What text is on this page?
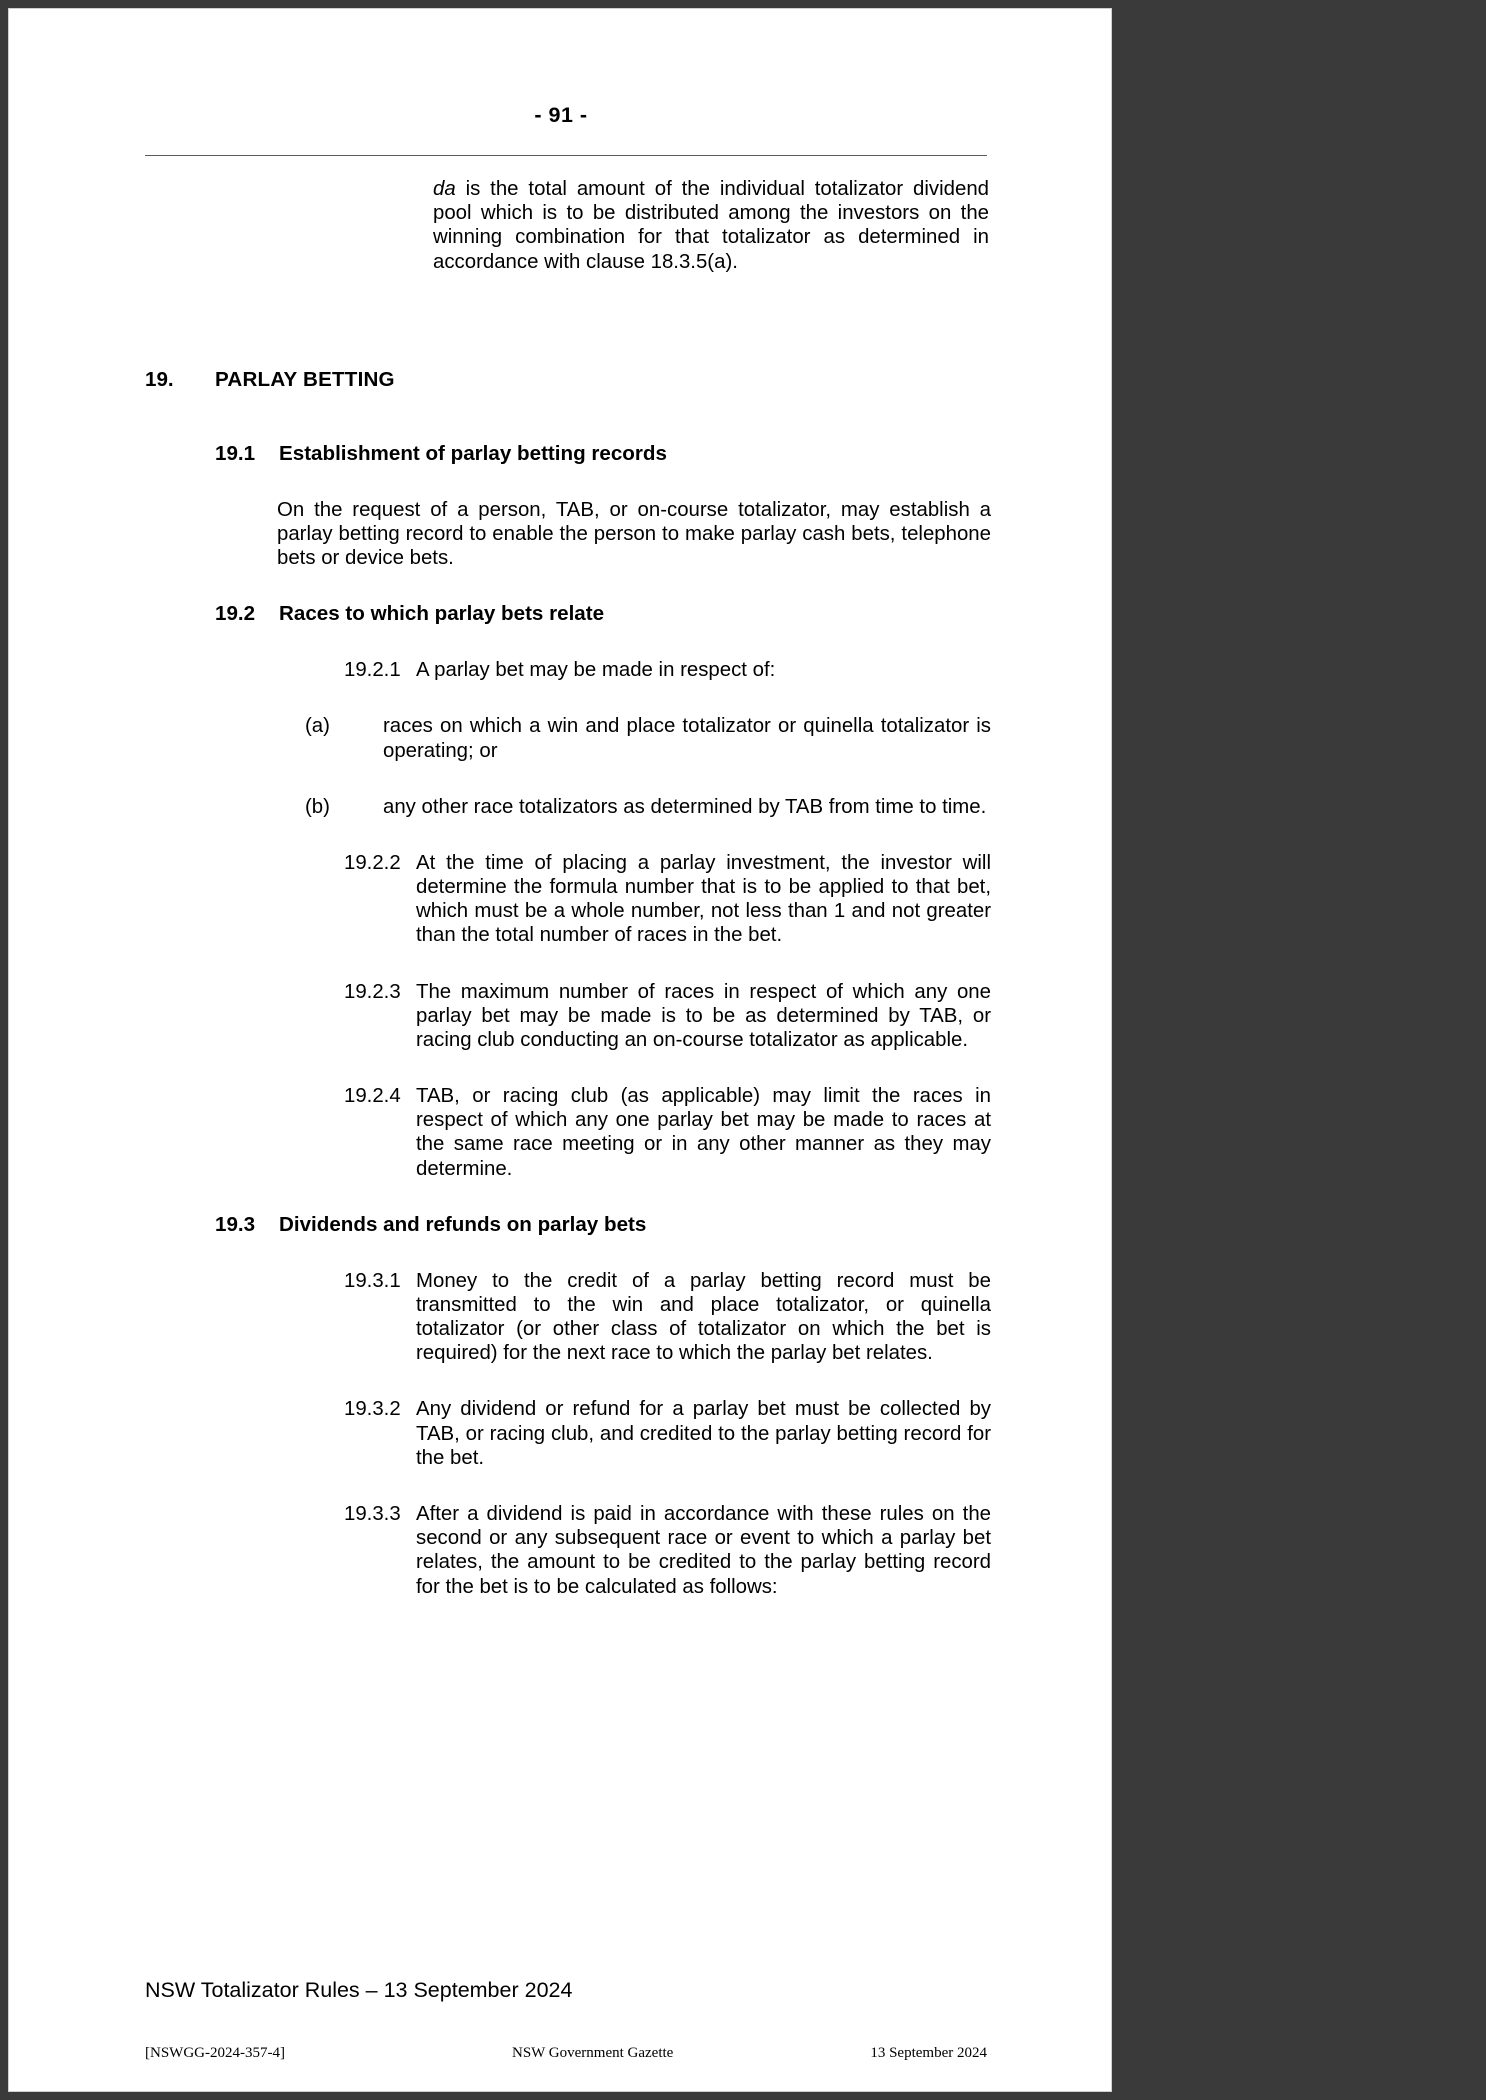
- 91 -

da is the total amount of the individual totalizator dividend pool which is to be distributed among the investors on the winning combination for that totalizator as determined in accordance with clause 18.3.5(a).

19.	PARLAY BETTING
19.1	Establishment of parlay betting records

On the request of a person, TAB, or on-course totalizator, may establish a parlay betting record to enable the person to make parlay cash bets, telephone bets or device bets.

19.2	Races to which parlay bets relate
19.2.1 A parlay bet may be made in respect of:
(a)	races on which a win and place totalizator or quinella totalizator is operating; or
(b)	any other race totalizators as determined by TAB from time to time.
19.2.2 At the time of placing a parlay investment, the investor will determine the formula number that is to be applied to that bet, which must be a whole number, not less than 1 and not greater than the total number of races in the bet.
19.2.3 The maximum number of races in respect of which any one parlay bet may be made is to be as determined by TAB, or racing club conducting an on-course totalizator as applicable.
19.2.4 TAB, or racing club (as applicable) may limit the races in respect of which any one parlay bet may be made to races at the same race meeting or in any other manner as they may determine.
19.3	Dividends and refunds on parlay bets
19.3.1 Money to the credit of a parlay betting record must be transmitted to the win and place totalizator, or quinella totalizator (or other class of totalizator on which the bet is required) for the next race to which the parlay bet relates.
19.3.2 Any dividend or refund for a parlay bet must be collected by TAB, or racing club, and credited to the parlay betting record for the bet.
19.3.3 After a dividend is paid in accordance with these rules on the second or any subsequent race or event to which a parlay bet relates, the amount to be credited to the parlay betting record for the bet is to be calculated as follows:
NSW Totalizator Rules – 13 September 2024
[NSWGG-2024-357-4]	NSW Government Gazette	13 September 2024
